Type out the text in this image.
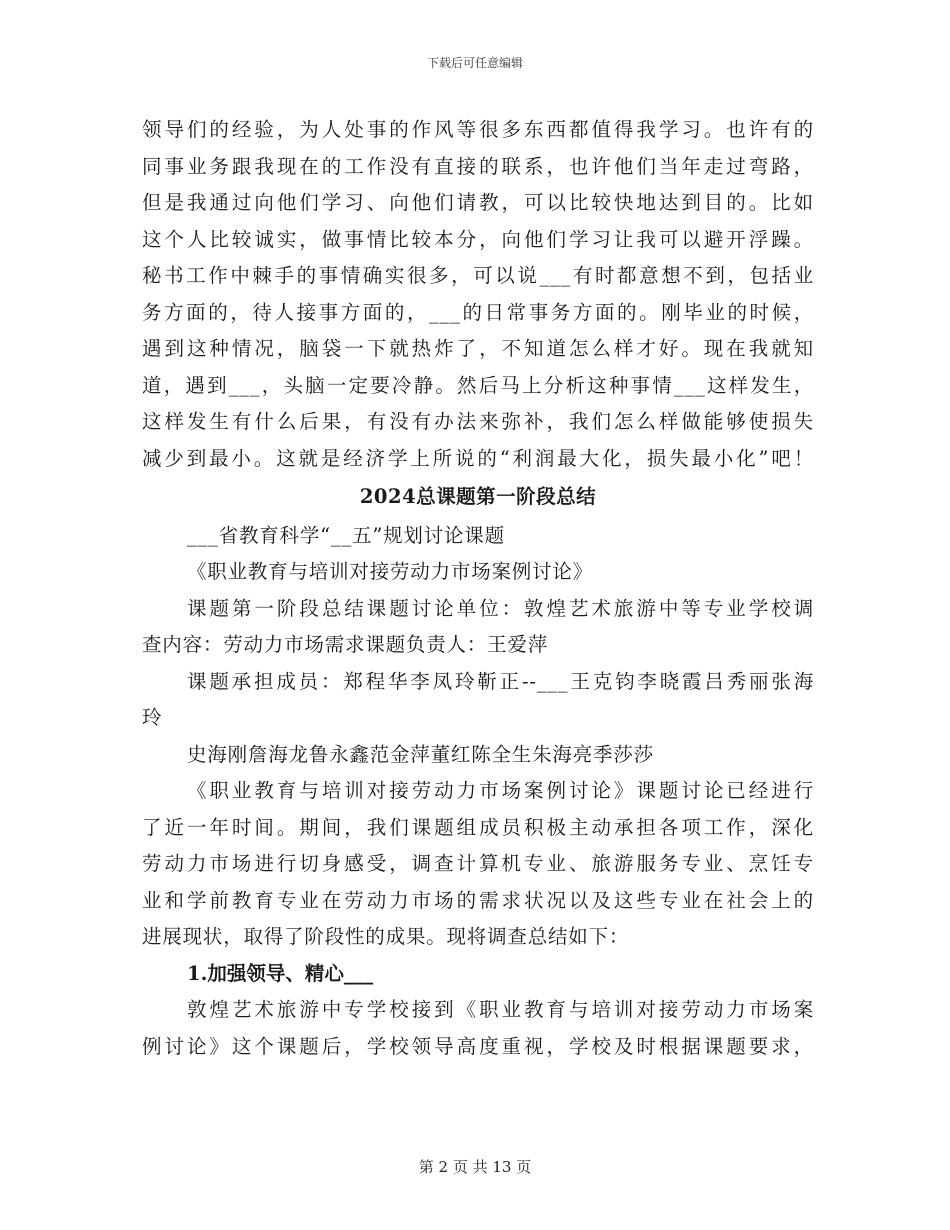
下载后可任意编辑
领导们的经验，为人处事的作风等很多东西都值得我学习。也许有的
同事业务跟我现在的工作没有直接的联系，也许他们当年走过弯路，
但是我通过向他们学习、向他们请教，可以比较快地达到目的。比如
这个人比较诚实，做事情比较本分，向他们学习让我可以避开浮躁。
秘书工作中棘手的事情确实很多，可以说___有时都意想不到，包括业
务方面的，待人接事方面的，___的日常事务方面的。刚毕业的时候，
遇到这种情况，脑袋一下就热炸了，不知道怎么样才好。现在我就知
道，遇到___，头脑一定要冷静。然后马上分析这种事情___这样发生，
这样发生有什么后果，有没有办法来弥补，我们怎么样做能够使损失
减少到最小。这就是经济学上所说的“利润最大化，损失最小化”吧！
2024总课题第一阶段总结
___省教育科学“__五”规划讨论课题
《职业教育与培训对接劳动力市场案例讨论》
课题第一阶段总结课题讨论单位：敦煌艺术旅游中等专业学校调
查内容：劳动力市场需求课题负责人：王爱萍
课题承担成员：郑程华李凤玲靳正--___王克钧李晓霞吕秀丽张海
玲
史海刚詹海龙鲁永鑫范金萍董红陈全生朱海亮季莎莎
《职业教育与培训对接劳动力市场案例讨论》课题讨论已经进行
了近一年时间。期间，我们课题组成员积极主动承担各项工作，深化
劳动力市场进行切身感受，调查计算机专业、旅游服务专业、烹饪专
业和学前教育专业在劳动力市场的需求状况以及这些专业在社会上的
进展现状，取得了阶段性的成果。现将调查总结如下：
1.加强领导、精心___
敦煌艺术旅游中专学校接到《职业教育与培训对接劳动力市场案
例讨论》这个课题后，学校领导高度重视，学校及时根据课题要求，
第 2 页 共 13 页
